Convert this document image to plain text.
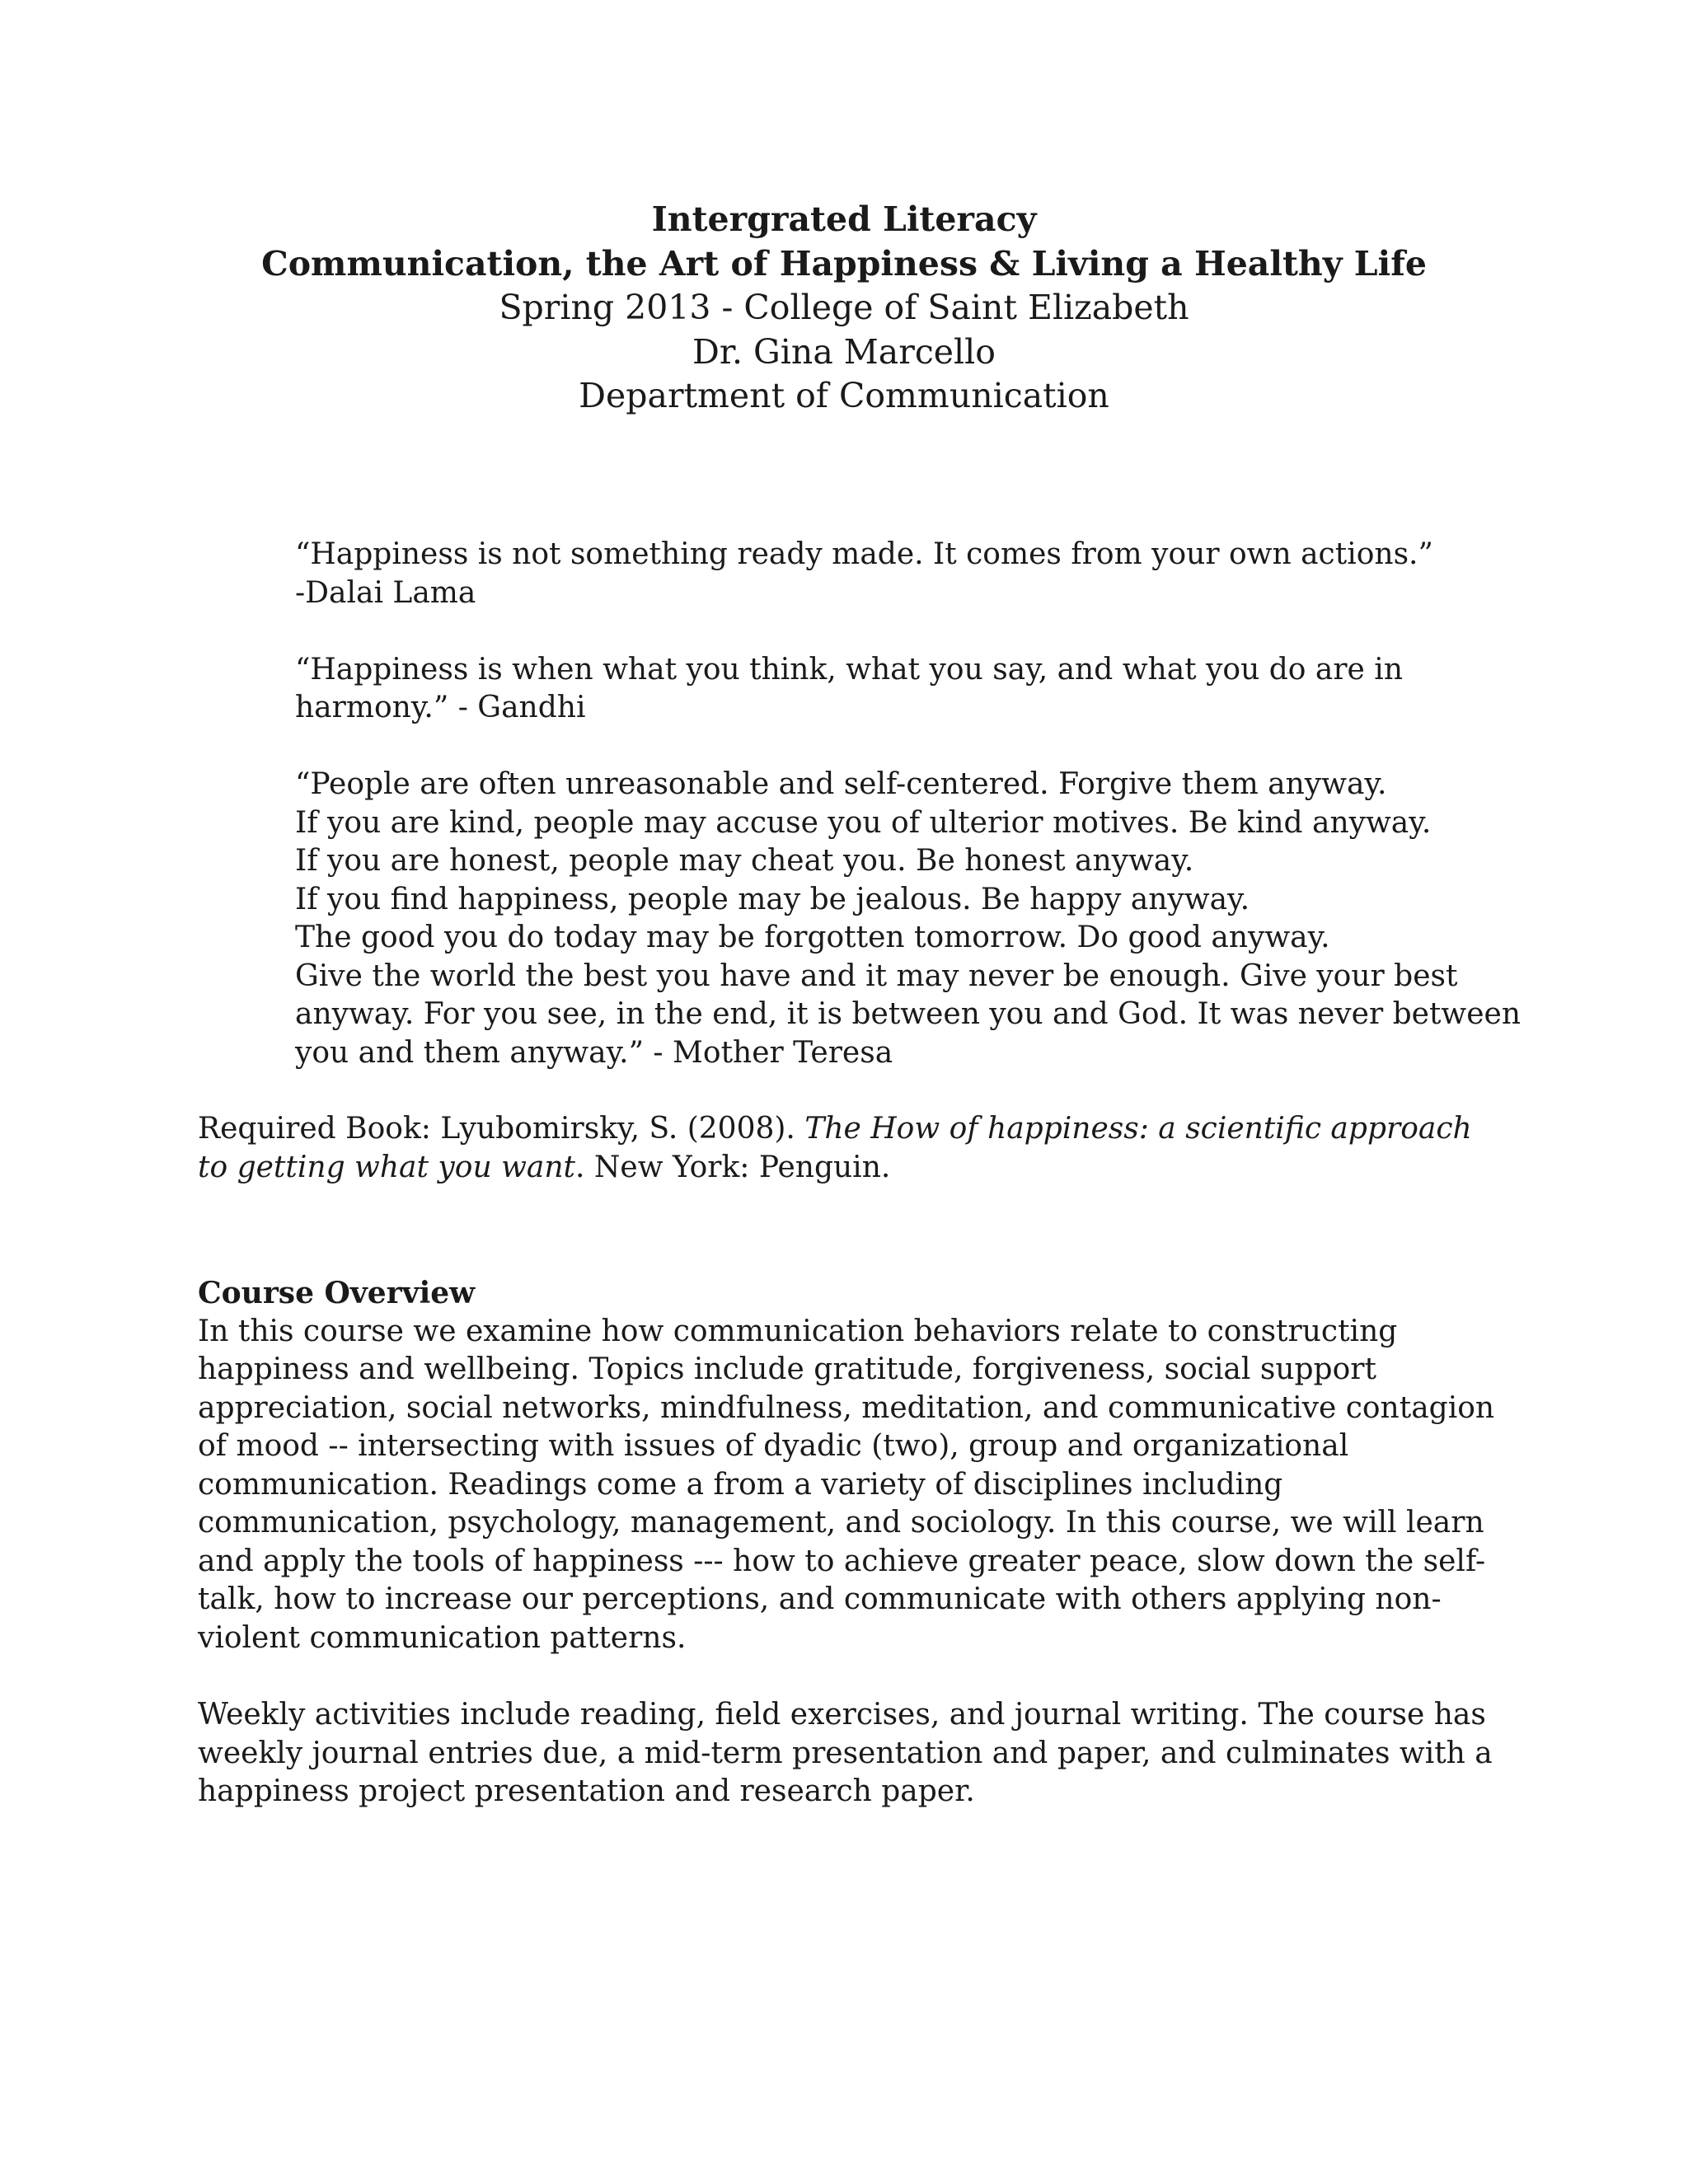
Intergrated Literacy
Communication, the Art of Happiness & Living a Healthy Life
Spring 2013 - College of Saint Elizabeth
Dr. Gina Marcello
Department of Communication
“Happiness is not something ready made. It comes from your own actions.”
-Dalai Lama
“Happiness is when what you think, what you say, and what you do are in
harmony.” - Gandhi
“People are often unreasonable and self-centered. Forgive them anyway.
If you are kind, people may accuse you of ulterior motives. Be kind anyway.
If you are honest, people may cheat you. Be honest anyway.
If you find happiness, people may be jealous. Be happy anyway.
The good you do today may be forgotten tomorrow. Do good anyway.
Give the world the best you have and it may never be enough. Give your best
anyway. For you see, in the end, it is between you and God. It was never between
you and them anyway.” - Mother Teresa
Required Book: Lyubomirsky, S. (2008). The How of happiness: a scientific approach
to getting what you want. New York: Penguin.
Course Overview
In this course we examine how communication behaviors relate to constructing
happiness and wellbeing. Topics include gratitude, forgiveness, social support
appreciation, social networks, mindfulness, meditation, and communicative contagion
of mood -- intersecting with issues of dyadic (two), group and organizational
communication. Readings come a from a variety of disciplines including
communication, psychology, management, and sociology. In this course, we will learn
and apply the tools of happiness --- how to achieve greater peace, slow down the self-
talk, how to increase our perceptions, and communicate with others applying non-
violent communication patterns.
Weekly activities include reading, field exercises, and journal writing. The course has
weekly journal entries due, a mid-term presentation and paper, and culminates with a
happiness project presentation and research paper.
